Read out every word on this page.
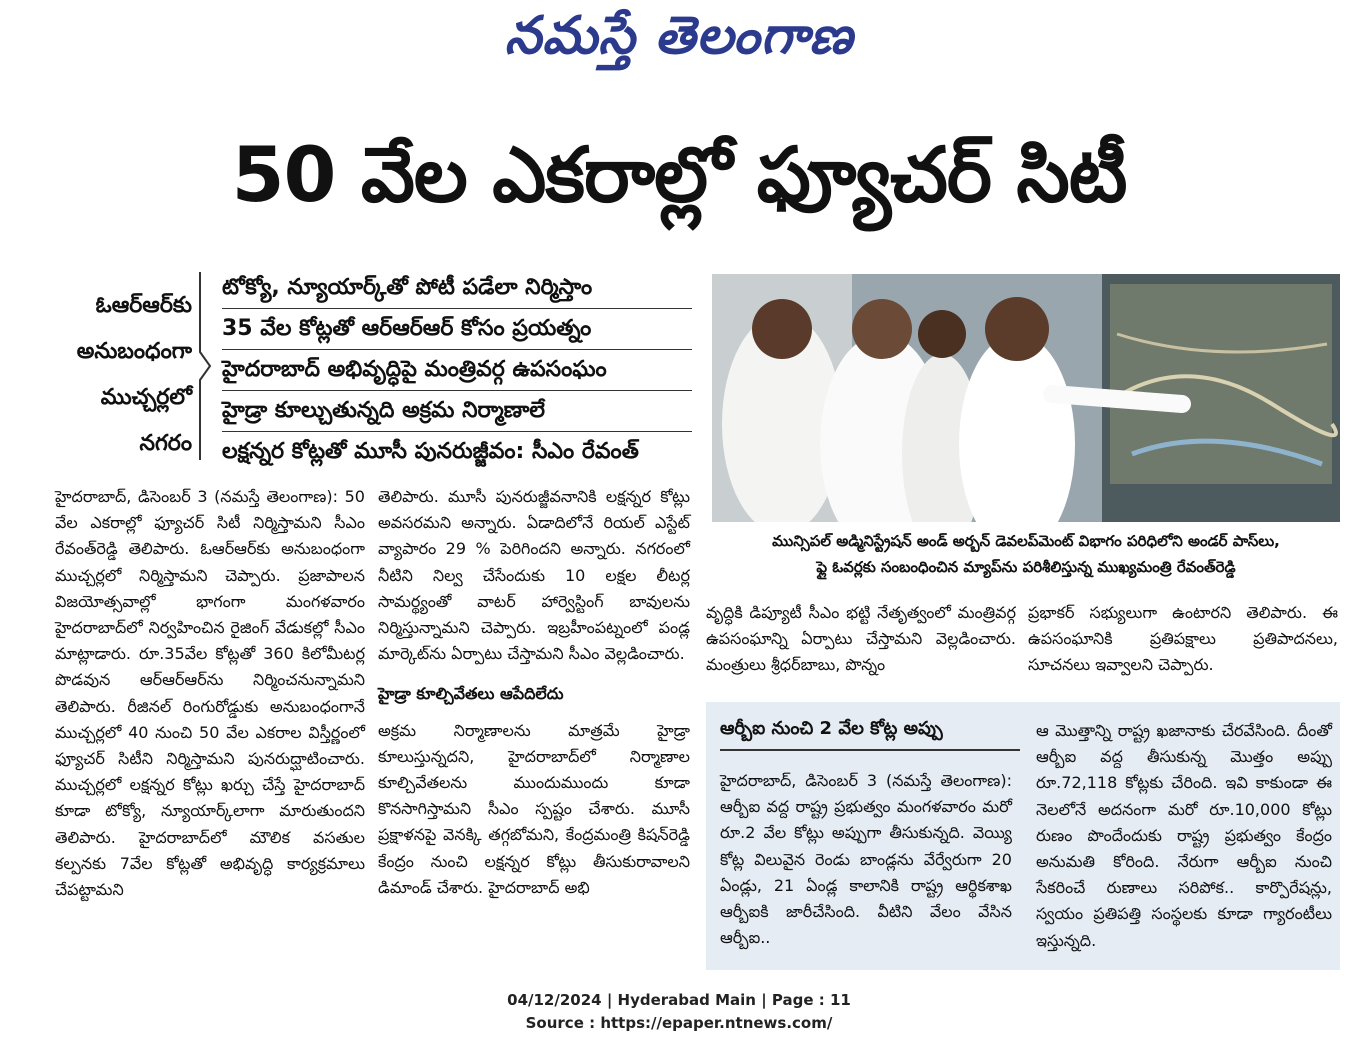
నమస్తే తెలంగాణ
50 వేల ఎకరాల్లో ఫ్యూచర్ సిటీ
ఓఆర్ఆర్‌కు
అనుబంధంగా
ముచ్చర్లలో
నగరం
టోక్యో, న్యూయార్క్‌తో పోటీ పడేలా నిర్మిస్తాం
35 వేల కోట్లతో ఆర్ఆర్ఆర్ కోసం ప్రయత్నం
హైదరాబాద్ అభివృద్ధిపై మంత్రివర్గ ఉపసంఘం
హైడ్రా కూల్చుతున్నది అక్రమ నిర్మాణాలే
లక్షన్నర కోట్లతో మూసీ పునరుజ్జీవం: సీఎం రేవంత్
మున్సిపల్ అడ్మినిస్ట్రేషన్ అండ్ అర్బన్ డెవలప్‌మెంట్ విభాగం పరిధిలోని అండర్ పాస్‌లు,
ఫ్లై ఓవర్లకు సంబంధించిన మ్యాప్‌ను పరిశీలిస్తున్న ముఖ్యమంత్రి రేవంత్‌రెడ్డి
హైదరాబాద్, డిసెంబర్ 3 (నమస్తే తెలంగాణ): 50 వేల ఎకరాల్లో ఫ్యూచర్ సిటీ నిర్మిస్తామని సీఎం రేవంత్‌రెడ్డి తెలిపారు. ఓఆర్ఆర్‌కు అనుబంధంగా ముచ్చర్లలో నిర్మిస్తామని చెప్పారు. ప్రజాపాలన విజయోత్సవాల్లో భాగంగా మంగళవారం హైదరాబాద్‌లో నిర్వహించిన రైజింగ్ వేడుకల్లో సీఎం మాట్లాడారు. రూ.35వేల కోట్లతో 360 కిలోమీటర్ల పొడవున ఆర్ఆర్ఆర్‌ను నిర్మించనున్నామని తెలిపారు. రీజినల్ రింగురోడ్డుకు అనుబంధంగానే ముచ్చర్లలో 40 నుంచి 50 వేల ఎకరాల విస్తీర్ణంలో ఫ్యూచర్ సిటీని నిర్మిస్తామని పునరుద్ఘాటించారు. ముచ్చర్లలో లక్షన్నర కోట్లు ఖర్చు చేస్తే హైదరాబాద్ కూడా టోక్యో, న్యూయార్క్‌లాగా మారుతుందని తెలిపారు. హైదరాబాద్‌లో మౌలిక వసతుల కల్పనకు 7వేల కోట్లతో అభివృద్ధి కార్యక్రమాలు చేపట్టామని
తెలిపారు. మూసీ పునరుజ్జీవనానికి లక్షన్నర కోట్లు అవసరమని అన్నారు. ఏడాదిలోనే రియల్ ఎస్టేట్ వ్యాపారం 29 % పెరిగిందని అన్నారు. నగరంలో నీటిని నిల్వ చేసేందుకు 10 లక్షల లీటర్ల సామర్థ్యంతో వాటర్ హార్వెస్టింగ్ బావులను నిర్మిస్తున్నామని చెప్పారు. ఇబ్రహీంపట్నంలో పండ్ల మార్కెట్‌ను ఏర్పాటు చేస్తామని సీఎం వెల్లడించారు.
హైడ్రా కూల్చివేతలు ఆపేదిలేదు
అక్రమ నిర్మాణాలను మాత్రమే హైడ్రా కూలుస్తున్నదని, హైదరాబాద్‌లో నిర్మాణాల కూల్చివేతలను ముందుముందు కూడా కొనసాగిస్తామని సీఎం స్పష్టం చేశారు. మూసీ ప్రక్షాళనపై వెనక్కి తగ్గబోమని, కేంద్రమంత్రి కిషన్‌రెడ్డి కేంద్రం నుంచి లక్షన్నర కోట్లు తీసుకురావాలని డిమాండ్ చేశారు. హైదరాబాద్ అభి
వృద్ధికి డిప్యూటీ సీఎం భట్టి నేతృత్వంలో మంత్రివర్గ ఉపసంఘాన్ని ఏర్పాటు చేస్తామని వెల్లడించారు. మంత్రులు శ్రీధర్‌బాబు, పొన్నం
ప్రభాకర్ సభ్యులుగా ఉంటారని తెలిపారు. ఈ ఉపసంఘానికి ప్రతిపక్షాలు ప్రతిపాదనలు, సూచనలు ఇవ్వాలని చెప్పారు.
ఆర్బీఐ నుంచి 2 వేల కోట్ల అప్పు
హైదరాబాద్, డిసెంబర్ 3 (నమస్తే తెలంగాణ): ఆర్బీఐ వద్ద రాష్ట్ర ప్రభుత్వం మంగళవారం మరో రూ.2 వేల కోట్లు అప్పుగా తీసుకున్నది. వెయ్యి కోట్ల విలువైన రెండు బాండ్లను వేర్వేరుగా 20 ఏండ్లు, 21 ఏండ్ల కాలానికి రాష్ట్ర ఆర్థికశాఖ ఆర్బీఐకి జారీచేసింది. వీటిని వేలం వేసిన ఆర్బీఐ..
ఆ మొత్తాన్ని రాష్ట్ర ఖజానాకు చేరవేసింది. దీంతో ఆర్బీఐ వద్ద తీసుకున్న మొత్తం అప్పు రూ.72,118 కోట్లకు చేరింది. ఇవి కాకుండా ఈ నెలలోనే అదనంగా మరో రూ.10,000 కోట్లు రుణం పొందేందుకు రాష్ట్ర ప్రభుత్వం కేంద్రం అనుమతి కోరింది. నేరుగా ఆర్బీఐ నుంచి సేకరించే రుణాలు సరిపోక.. కార్పొరేషన్లు, స్వయం ప్రతిపత్తి సంస్థలకు కూడా గ్యారంటీలు ఇస్తున్నది.
04/12/2024 | Hyderabad Main | Page : 11
Source : https://epaper.ntnews.com/
